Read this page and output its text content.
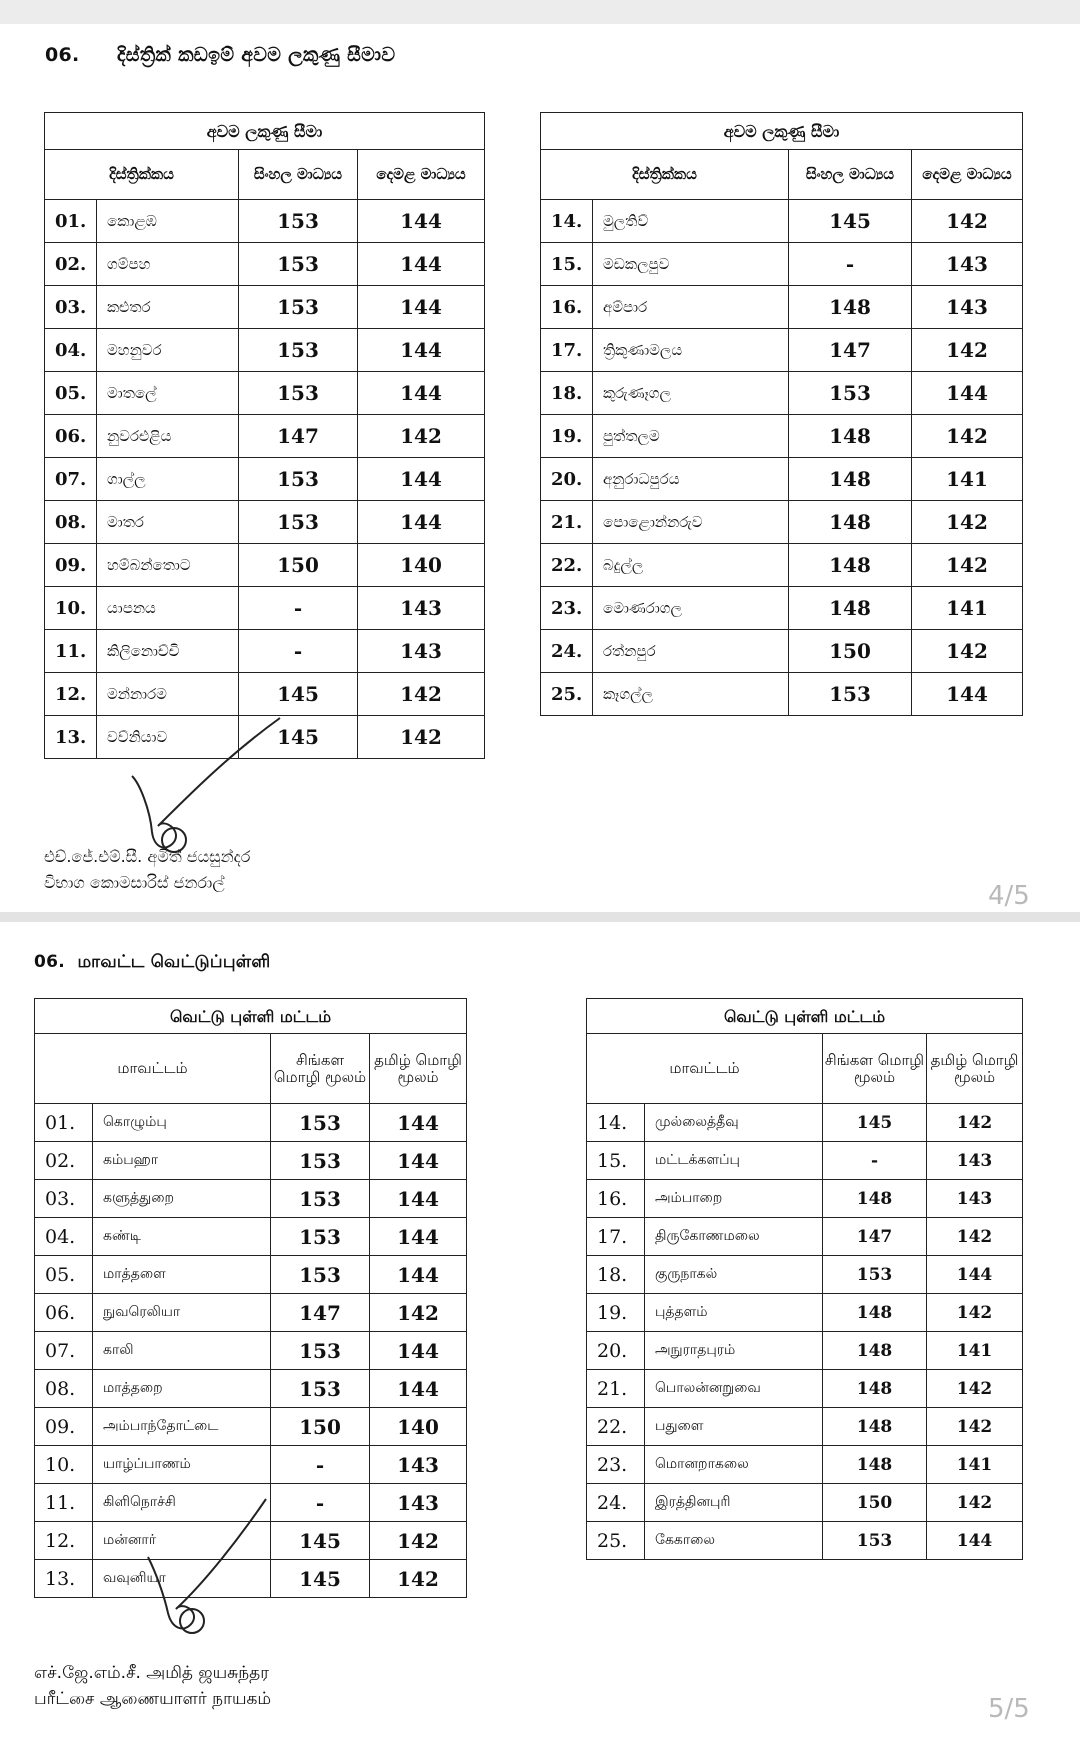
06. දිස්ත්‍රික් කඩඉම් අවම ලකුණු සීමාව
අවම ලකුණු සීමා			
දිස්ත්‍රික්කය		සිංහල මාධ්‍යය	දෙමළ මාධ්‍යය
01.	කොළඹ	153	144
02.	ගම්පහ	153	144
03.	කළුතර	153	144
04.	මහනුවර	153	144
05.	මාතලේ	153	144
06.	නුවරඑළිය	147	142
07.	ගාල්ල	153	144
08.	මාතර	153	144
09.	හම්බන්තොට	150	140
10.	යාපනය	-	143
11.	කිලිනොච්චි	-	143
12.	මන්නාරම	145	142
13.	වව්නියාව	145	142
අවම ලකුණු සීමා			
දිස්ත්‍රික්කය		සිංහල මාධ්‍යය	දෙමළ මාධ්‍යය
14.	මුලතිව්	145	142
15.	මඩකලපුව	-	143
16.	අම්පාර	148	143
17.	ත්‍රිකුණාමලය	147	142
18.	කුරුණෑගල	153	144
19.	පුත්තලම	148	142
20.	අනුරාධපුරය	148	141
21.	පොළොන්නරුව	148	142
22.	බදුල්ල	148	142
23.	මොණරාගල	148	141
24.	රත්නපුර	150	142
25.	කෑගල්ල	153	144
එච්.ජේ.එම්.සී. අමිත් ජයසුන්දර
විභාග කොමසාරිස් ජනරාල්	4/5
06. மாவட்ட வெட்டுப்புள்ளி
வெட்டு புள்ளி மட்டம்			
மாவட்டம்		சிங்கள மொழி மூலம்	தமிழ் மொழி மூலம்
01.	கொழும்பு	153	144
02.	கம்பஹா	153	144
03.	களுத்துறை	153	144
04.	கண்டி	153	144
05.	மாத்தளை	153	144
06.	நுவரெலியா	147	142
07.	காலி	153	144
08.	மாத்தறை	153	144
09.	அம்பாந்தோட்டை	150	140
10.	யாழ்ப்பாணம்	-	143
11.	கிளிநொச்சி	-	143
12.	மன்னார்	145	142
13.	வவுனியா	145	142
வெட்டு புள்ளி மட்டம்			
மாவட்டம்		சிங்கள மொழி மூலம்	தமிழ் மொழி மூலம்
14.	முல்லைத்தீவு	145	142
15.	மட்டக்களப்பு	-	143
16.	அம்பாறை	148	143
17.	திருகோணமலை	147	142
18.	குருநாகல்	153	144
19.	புத்தளம்	148	142
20.	அநுராதபுரம்	148	141
21.	பொலன்னறுவை	148	142
22.	பதுளை	148	142
23.	மொனறாகலை	148	141
24.	இரத்தினபுரி	150	142
25.	கேகாலை	153	144
எச்.ஜே.எம்.சீ. அமித் ஜயசுந்தர
பரீட்சை ஆணையாளர் நாயகம்	5/5
